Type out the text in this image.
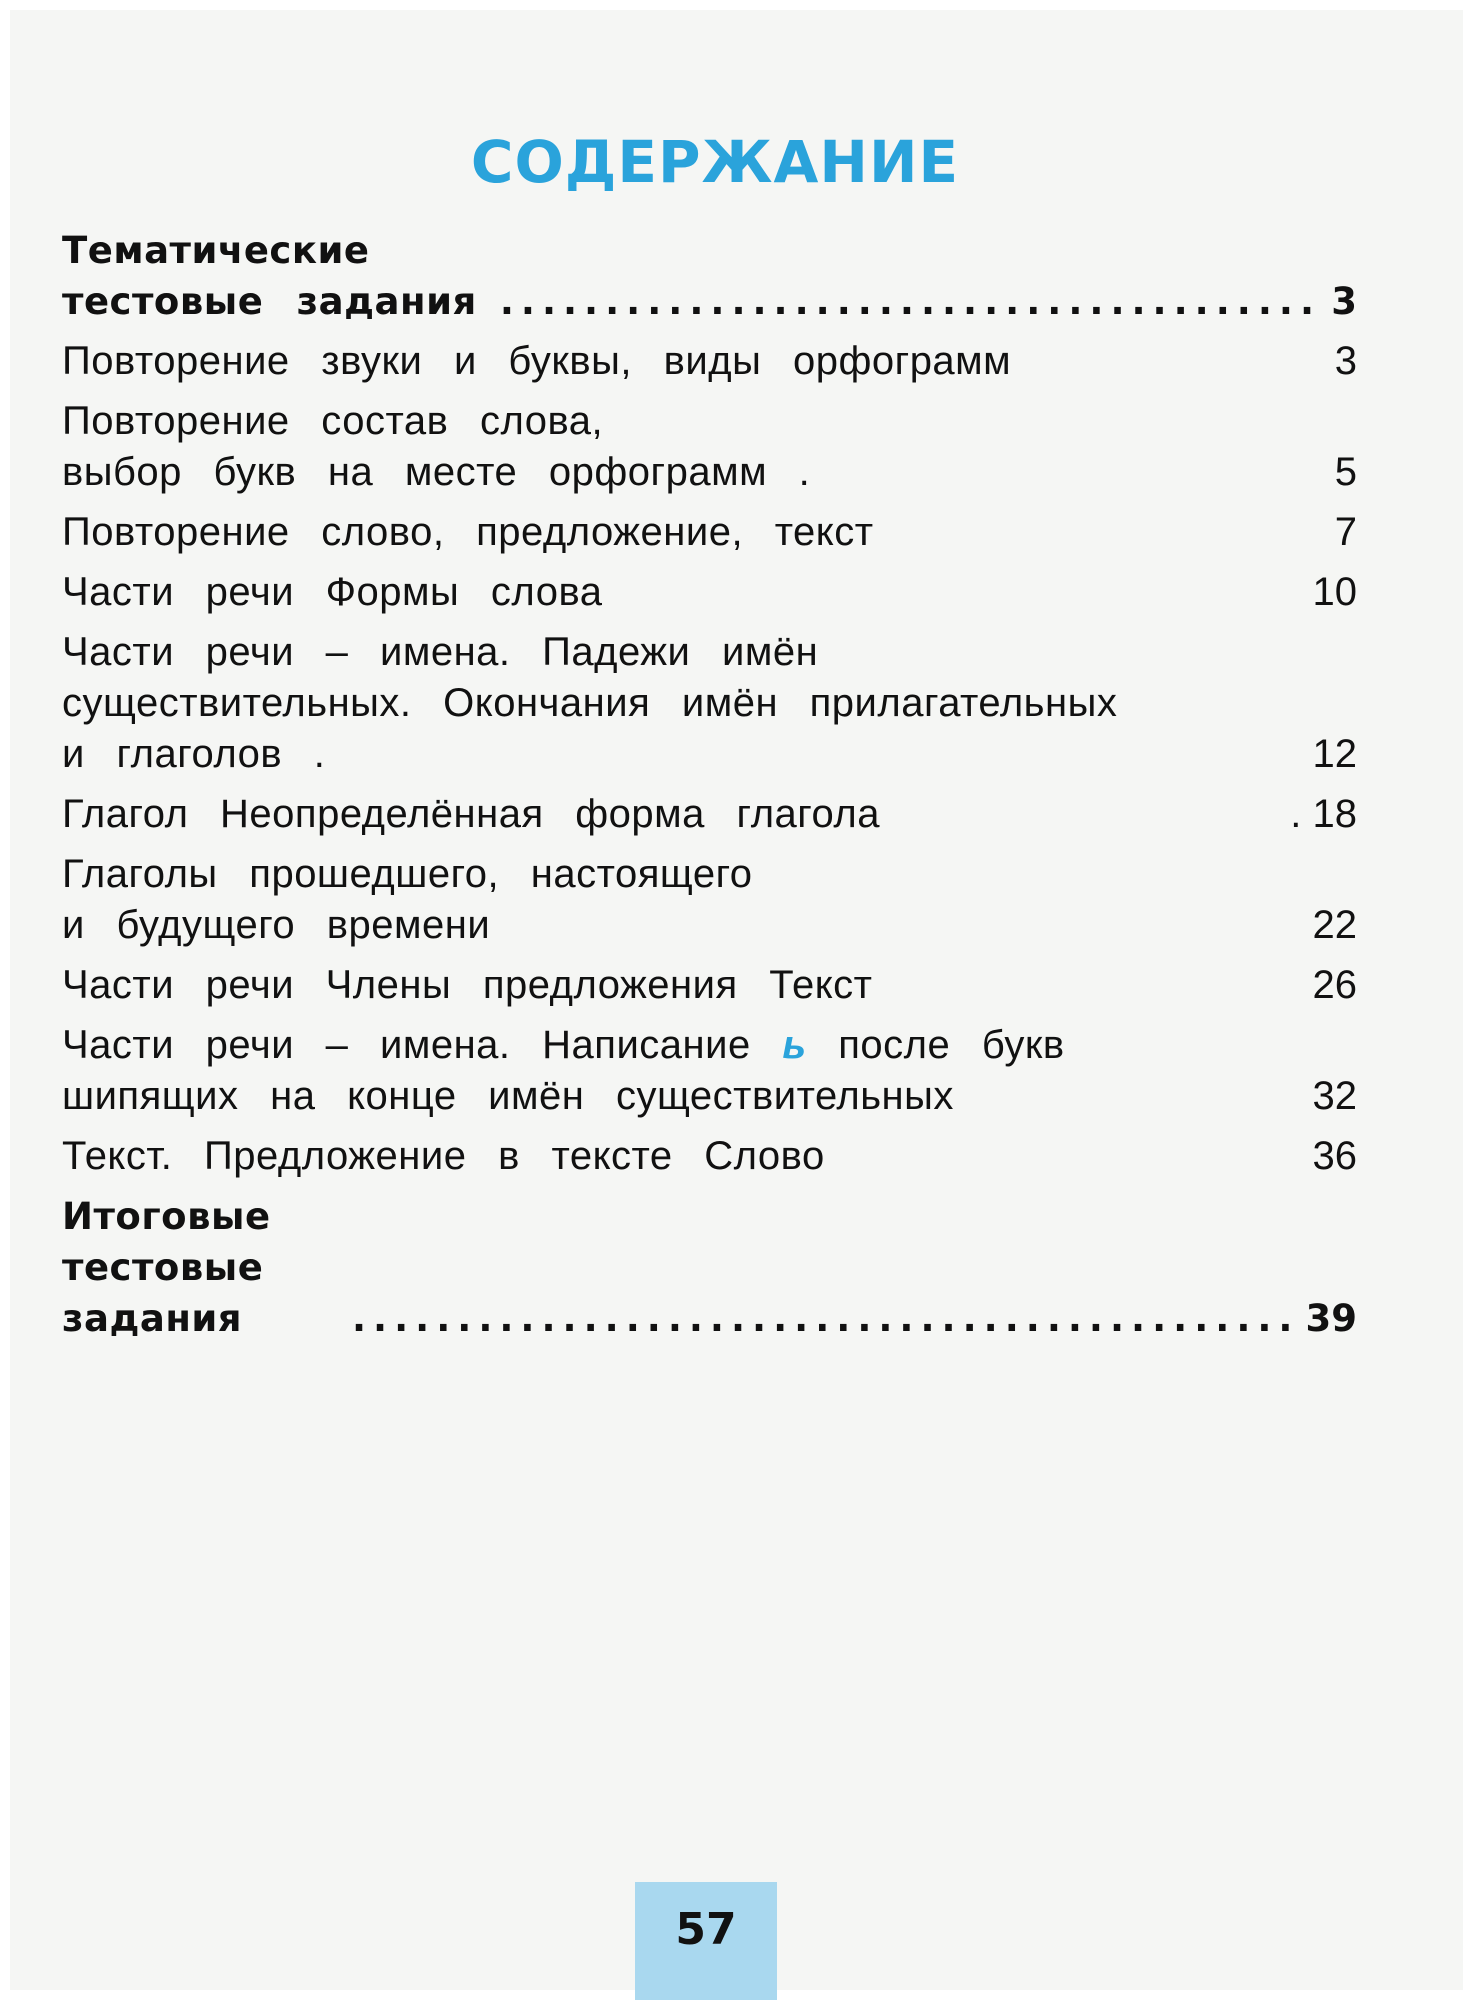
СОДЕРЖАНИЕ
Тематические тестовые задания ....................................... 3
Повторение звуки и буквы, виды орфограмм	3
Повторение состав слова,
выбор букв на месте орфограмм .	5
Повторение слово, предложение, текст	7
Части речи Формы слова	10
Части речи – имена. Падежи имён
существительных. Окончания имён прилагательных
и глаголов .	12
Глагол Неопределённая форма глагола	. 18
Глаголы прошедшего, настоящего
и будущего времени	22
Части речи Члены предложения Текст	26
Части речи – имена. Написание ь после букв
шипящих на конце имён существительных	32
Текст. Предложение в тексте Слово	36
Итоговые тестовые задания	............................................. 39
57
